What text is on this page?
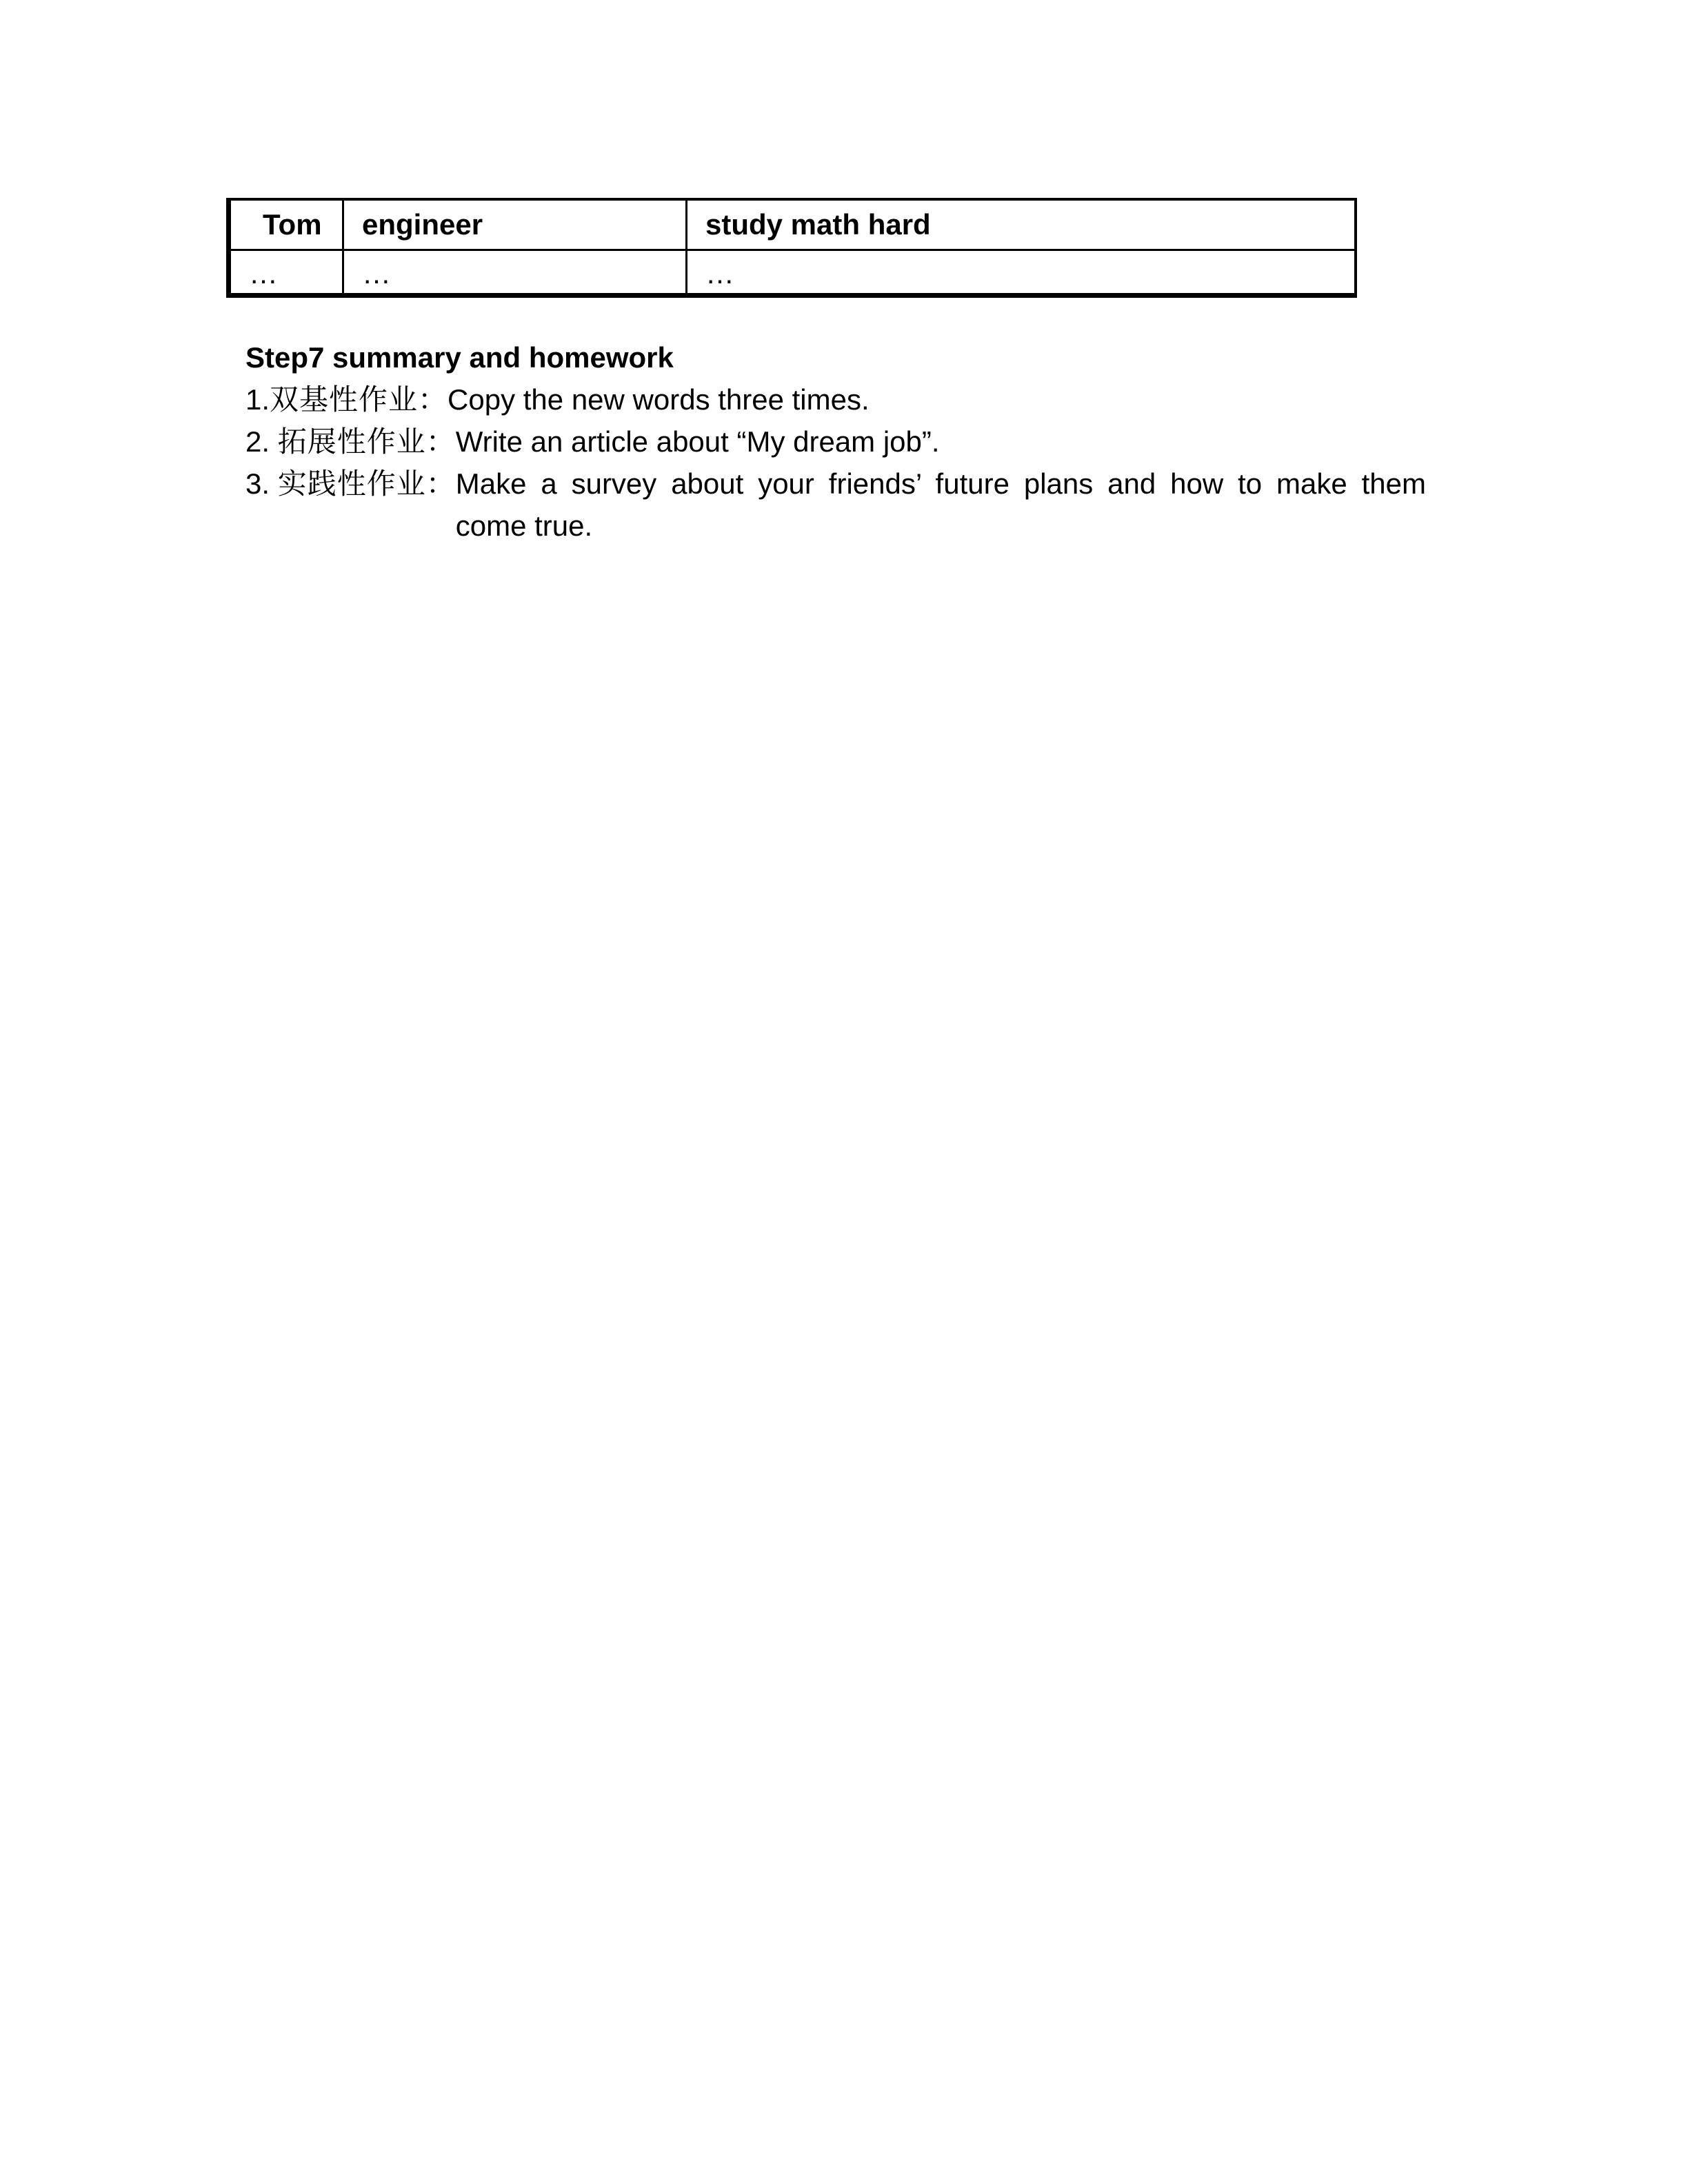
Tom	engineer	study math hard
…	…	…

Step7 summary and homework

1.双基性作业：Copy the new words three times.

2. 拓展性作业：Write an article about “My dream job”.

3. 实践性作业： Make a survey about your friends’ future plans and how to make them come true.
